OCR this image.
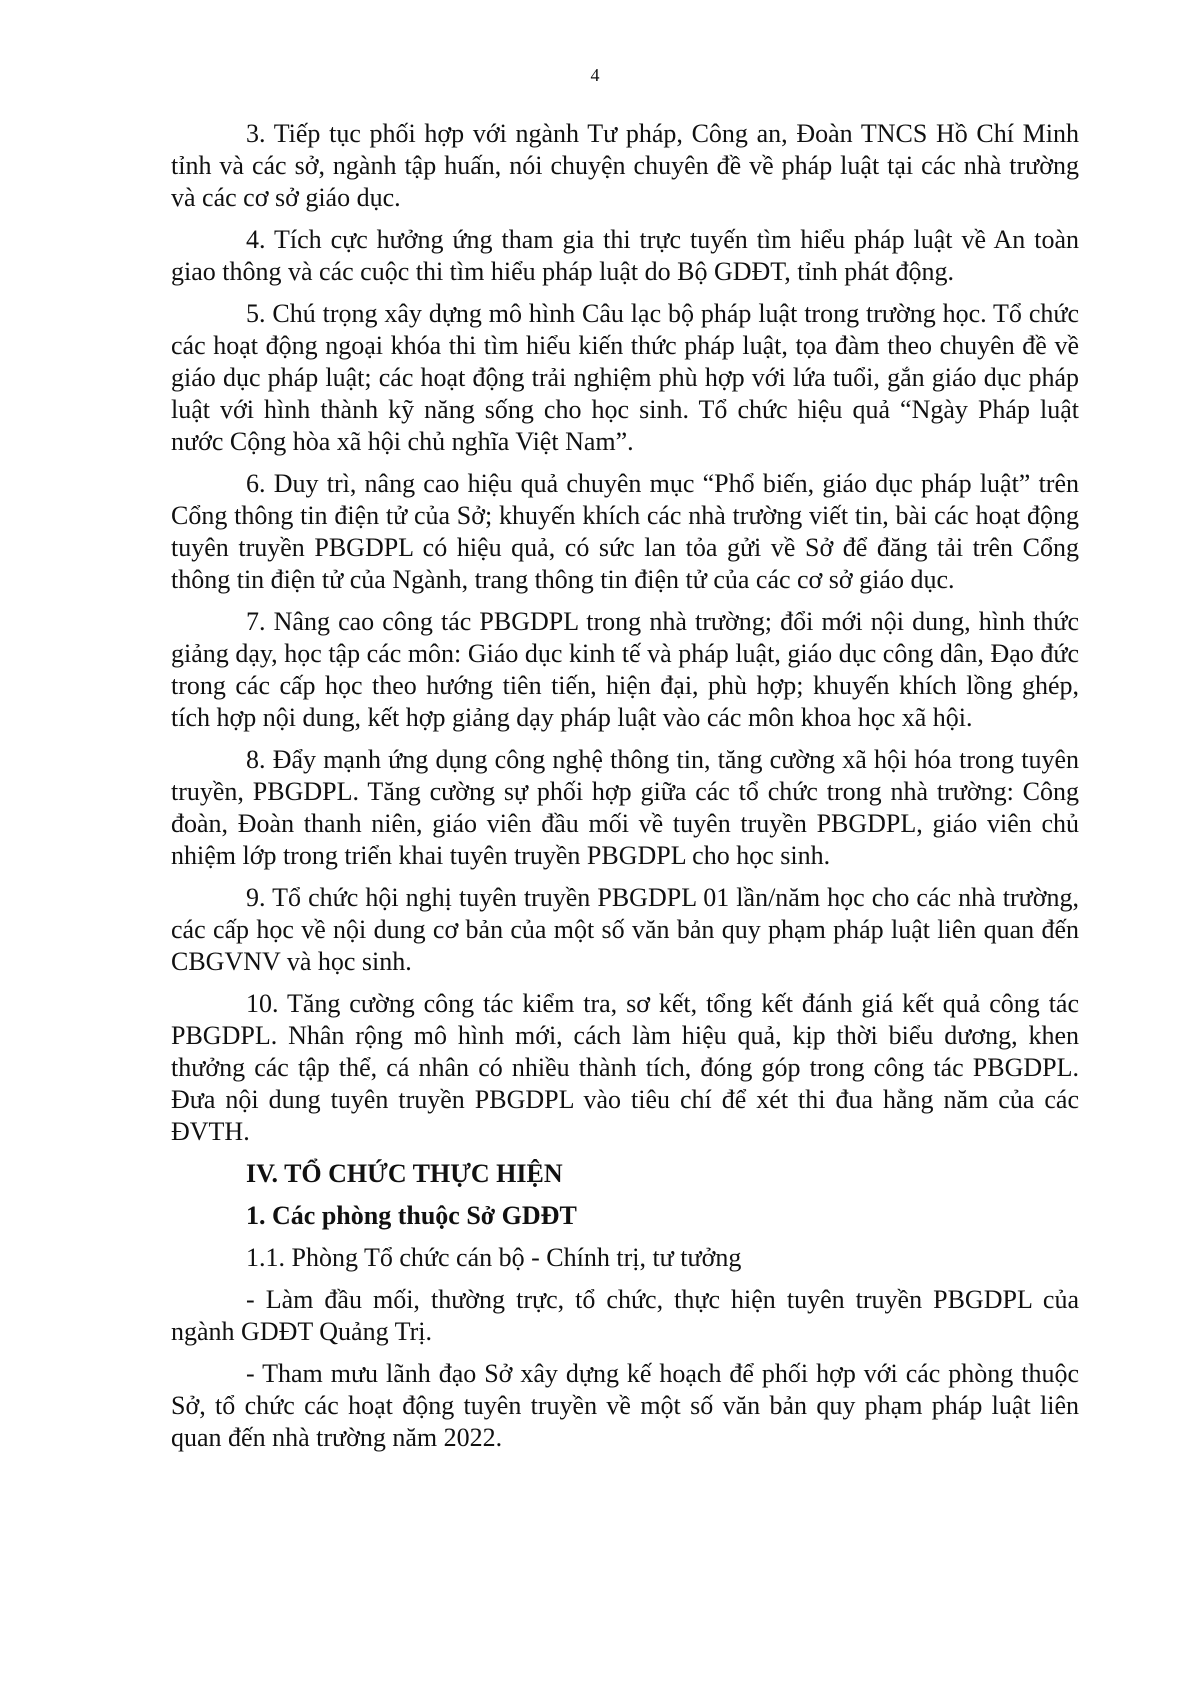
4

3. Tiếp tục phối hợp với ngành Tư pháp, Công an, Đoàn TNCS Hồ Chí Minh tỉnh và các sở, ngành tập huấn, nói chuyện chuyên đề về pháp luật tại các nhà trường và các cơ sở giáo dục.

4. Tích cực hưởng ứng tham gia thi trực tuyến tìm hiểu pháp luật về An toàn giao thông và các cuộc thi tìm hiểu pháp luật do Bộ GDĐT, tỉnh phát động.

5. Chú trọng xây dựng mô hình Câu lạc bộ pháp luật trong trường học. Tổ chức các hoạt động ngoại khóa thi tìm hiểu kiến thức pháp luật, tọa đàm theo chuyên đề về giáo dục pháp luật; các hoạt động trải nghiệm phù hợp với lứa tuổi, gắn giáo dục pháp luật với hình thành kỹ năng sống cho học sinh. Tổ chức hiệu quả “Ngày Pháp luật nước Cộng hòa xã hội chủ nghĩa Việt Nam”.

6. Duy trì, nâng cao hiệu quả chuyên mục “Phổ biến, giáo dục pháp luật” trên Cổng thông tin điện tử của Sở; khuyến khích các nhà trường viết tin, bài các hoạt động tuyên truyền PBGDPL có hiệu quả, có sức lan tỏa gửi về Sở để đăng tải trên Cổng thông tin điện tử của Ngành, trang thông tin điện tử của các cơ sở giáo dục.

7. Nâng cao công tác PBGDPL trong nhà trường; đổi mới nội dung, hình thức giảng dạy, học tập các môn: Giáo dục kinh tế và pháp luật, giáo dục công dân, Đạo đức trong các cấp học theo hướng tiên tiến, hiện đại, phù hợp; khuyến khích lồng ghép, tích hợp nội dung, kết hợp giảng dạy pháp luật vào các môn khoa học xã hội.

8. Đẩy mạnh ứng dụng công nghệ thông tin, tăng cường xã hội hóa trong tuyên truyền, PBGDPL. Tăng cường sự phối hợp giữa các tổ chức trong nhà trường: Công đoàn, Đoàn thanh niên, giáo viên đầu mối về tuyên truyền PBGDPL, giáo viên chủ nhiệm lớp trong triển khai tuyên truyền PBGDPL cho học sinh.

9. Tổ chức hội nghị tuyên truyền PBGDPL 01 lần/năm học cho các nhà trường, các cấp học về nội dung cơ bản của một số văn bản quy phạm pháp luật liên quan đến CBGVNV và học sinh.

10. Tăng cường công tác kiểm tra, sơ kết, tổng kết đánh giá kết quả công tác PBGDPL. Nhân rộng mô hình mới, cách làm hiệu quả, kịp thời biểu dương, khen thưởng các tập thể, cá nhân có nhiều thành tích, đóng góp trong công tác PBGDPL. Đưa nội dung tuyên truyền PBGDPL vào tiêu chí để xét thi đua hằng năm của các ĐVTH.

IV. TỔ CHỨC THỰC HIỆN

1. Các phòng thuộc Sở GDĐT

1.1. Phòng Tổ chức cán bộ - Chính trị, tư tưởng

- Làm đầu mối, thường trực, tổ chức, thực hiện tuyên truyền PBGDPL của ngành GDĐT Quảng Trị.

- Tham mưu lãnh đạo Sở xây dựng kế hoạch để phối hợp với các phòng thuộc Sở, tổ chức các hoạt động tuyên truyền về một số văn bản quy phạm pháp luật liên quan đến nhà trường năm 2022.
